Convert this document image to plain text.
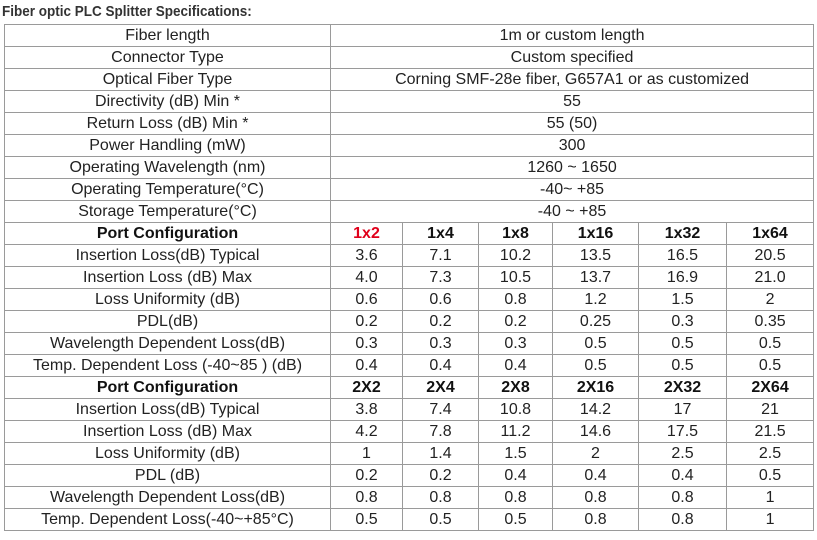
Fiber optic PLC Splitter Specifications:
Fiber length	1m or custom length					
Connector Type	Custom specified					
Optical Fiber Type	Corning SMF-28e fiber, G657A1 or as customized					
Directivity (dB) Min *	55					
Return Loss (dB) Min *	55 (50)					
Power Handling (mW)	300					
Operating Wavelength (nm)	1260 ~ 1650					
Operating Temperature(°C)	-40~ +85					
Storage Temperature(°C)	-40 ~ +85					
Port Configuration	1x2	1x4	1x8	1x16	1x32	1x64
Insertion Loss(dB) Typical	3.6	7.1	10.2	13.5	16.5	20.5
Insertion Loss (dB) Max	4.0	7.3	10.5	13.7	16.9	21.0
Loss Uniformity (dB)	0.6	0.6	0.8	1.2	1.5	2
PDL(dB)	0.2	0.2	0.2	0.25	0.3	0.35
Wavelength Dependent Loss(dB)	0.3	0.3	0.3	0.5	0.5	0.5
Temp. Dependent Loss (-40~85 ) (dB)	0.4	0.4	0.4	0.5	0.5	0.5
Port Configuration	2X2	2X4	2X8	2X16	2X32	2X64
Insertion Loss(dB) Typical	3.8	7.4	10.8	14.2	17	21
Insertion Loss (dB) Max	4.2	7.8	11.2	14.6	17.5	21.5
Loss Uniformity (dB)	1	1.4	1.5	2	2.5	2.5
PDL (dB)	0.2	0.2	0.4	0.4	0.4	0.5
Wavelength Dependent Loss(dB)	0.8	0.8	0.8	0.8	0.8	1
Temp. Dependent Loss(-40~+85°C)	0.5	0.5	0.5	0.8	0.8	1
